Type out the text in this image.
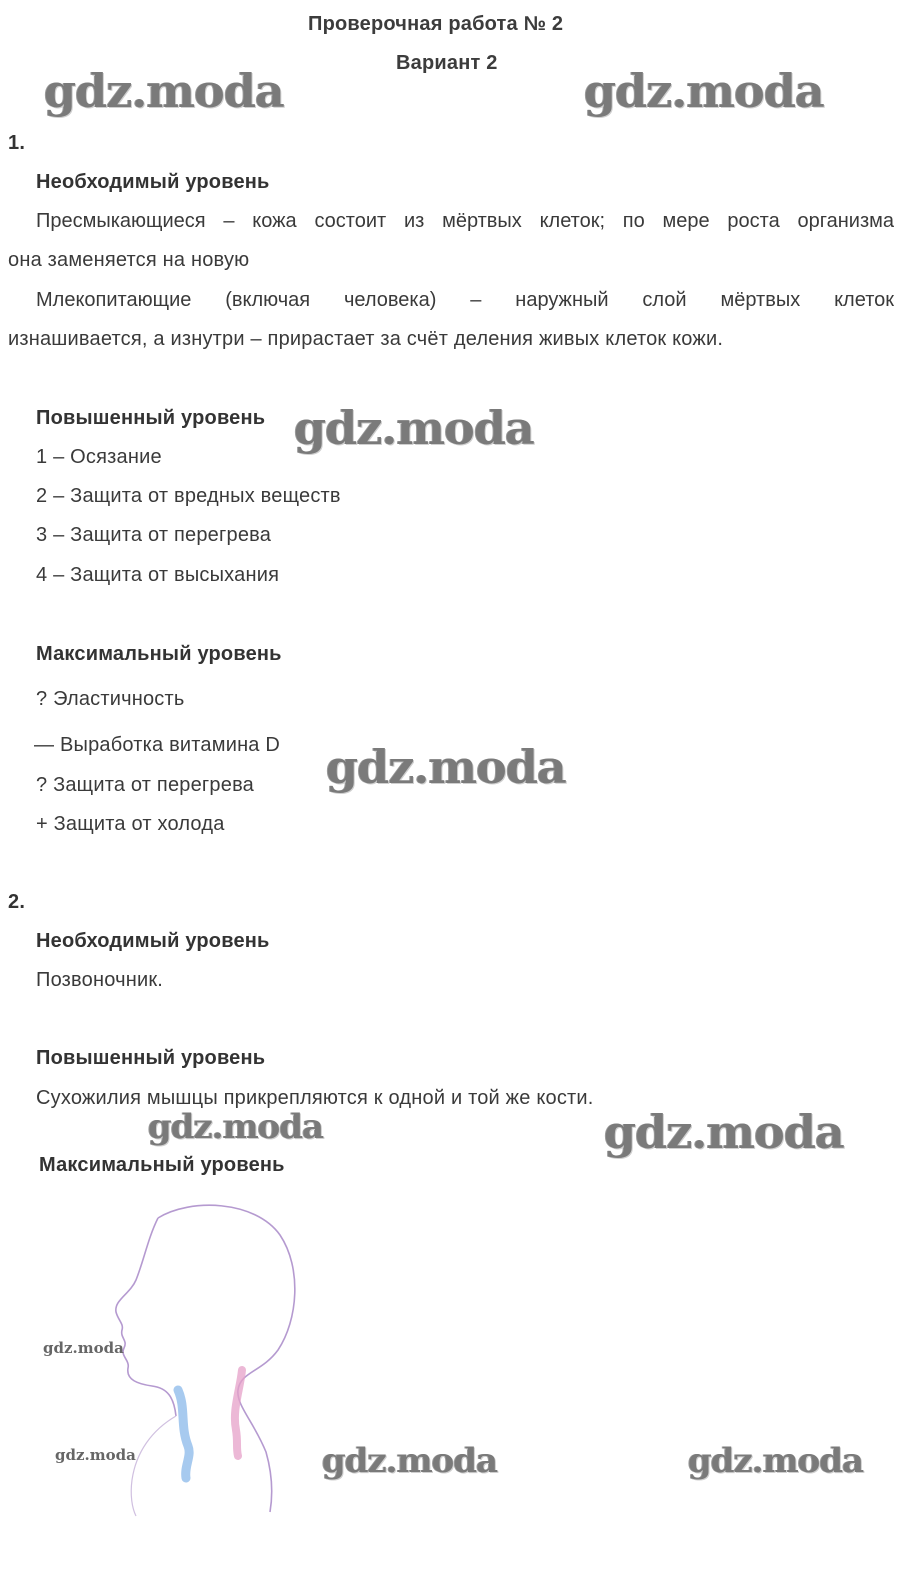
Проверочная работа № 2
Вариант 2
gdz.moda	gdz.moda
gdz.moda
gdz.moda
gdz.moda	gdz.moda
gdz.moda	gdz.moda
1.
Необходимый уровень
Пресмыкающиеся – кожа состоит из мёртвых клеток; по мере роста организма
она заменяется на новую
Млекопитающие (включая человека) – наружный слой мёртвых клеток
изнашивается, а изнутри – прирастает за счёт деления живых клеток кожи.
Повышенный уровень
1 – Осязание
2 – Защита от вредных веществ
3 – Защита от перегрева
4 – Защита от высыхания
Максимальный уровень
? Эластичность
— Выработка витамина D
? Защита от перегрева
+ Защита от холода
2.
Необходимый уровень
Позвоночник.
Повышенный уровень
Сухожилия мышцы прикрепляются к одной и той же кости.
Максимальный уровень
gdz.moda
gdz.moda
